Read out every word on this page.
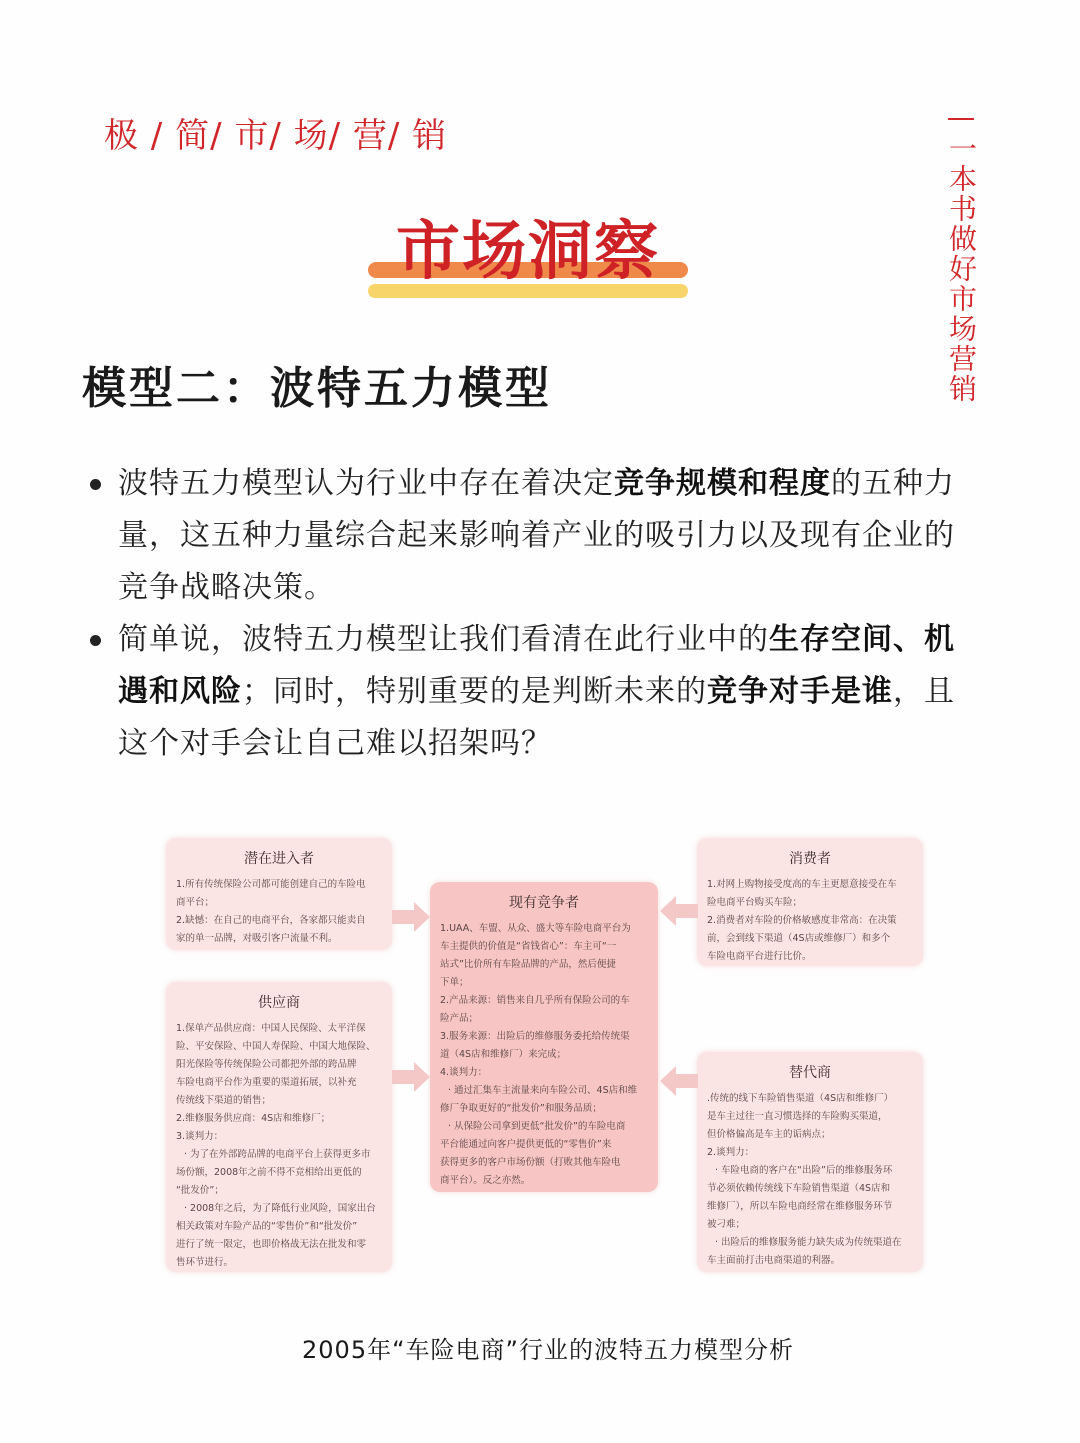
极 / 简/ 市/ 场/ 营/ 销	一本书做好市场营销
市场洞察
模型二：波特五力模型
波特五力模型认为行业中存在着决定竞争规模和程度的五种力量，这五种力量综合起来影响着产业的吸引力以及现有企业的竞争战略决策。
简单说，波特五力模型让我们看清在此行业中的生存空间、机遇和风险；同时，特别重要的是判断未来的竞争对手是谁，且这个对手会让自己难以招架吗？
潜在进入者
1.所有传统保险公司都可能创建自己的车险电
商平台；
2.缺憾：在自己的电商平台，各家都只能卖自
家的单一品牌，对吸引客户流量不利。
供应商
1.保单产品供应商：中国人民保险、太平洋保
险、平安保险、中国人寿保险、中国大地保险、
阳光保险等传统保险公司都把外部的跨品牌
车险电商平台作为重要的渠道拓展，以补充
传统线下渠道的销售；
2.维修服务供应商：4S店和维修厂；
3.谈判力：
· 为了在外部跨品牌的电商平台上获得更多市
场份额，2008年之前不得不竞相给出更低的
“批发价”；
· 2008年之后，为了降低行业风险，国家出台
相关政策对车险产品的“零售价”和“批发价”
进行了统一限定，也即价格战无法在批发和零
售环节进行。
现有竞争者
1.UAA、车盟、从众、盛大等车险电商平台为
车主提供的价值是“省钱省心”：车主可“一
站式”比价所有车险品牌的产品，然后便捷
下单；
2.产品来源：销售来自几乎所有保险公司的车
险产品；
3.服务来源：出险后的维修服务委托给传统渠
道（4S店和维修厂）来完成；
4.谈判力：
· 通过汇集车主流量来向车险公司、4S店和维
修厂争取更好的“批发价”和服务品质；
· 从保险公司拿到更低“批发价”的车险电商
平台能通过向客户提供更低的“零售价”来
获得更多的客户市场份额（打败其他车险电
商平台）。反之亦然。
消费者
1.对网上购物接受度高的车主更愿意接受在车
险电商平台购买车险；
2.消费者对车险的价格敏感度非常高：在决策
前，会到线下渠道（4S店或维修厂）和多个
车险电商平台进行比价。
替代商
.传统的线下车险销售渠道（4S店和维修厂）
是车主过往一直习惯选择的车险购买渠道，
但价格偏高是车主的诟病点；
2.谈判力：
· 车险电商的客户在“出险”后的维修服务环
节必须依赖传统线下车险销售渠道（4S店和
维修厂），所以车险电商经常在维修服务环节
被刁难；
· 出险后的维修服务能力缺失成为传统渠道在
车主面前打击电商渠道的利器。
2005年“车险电商”行业的波特五力模型分析
